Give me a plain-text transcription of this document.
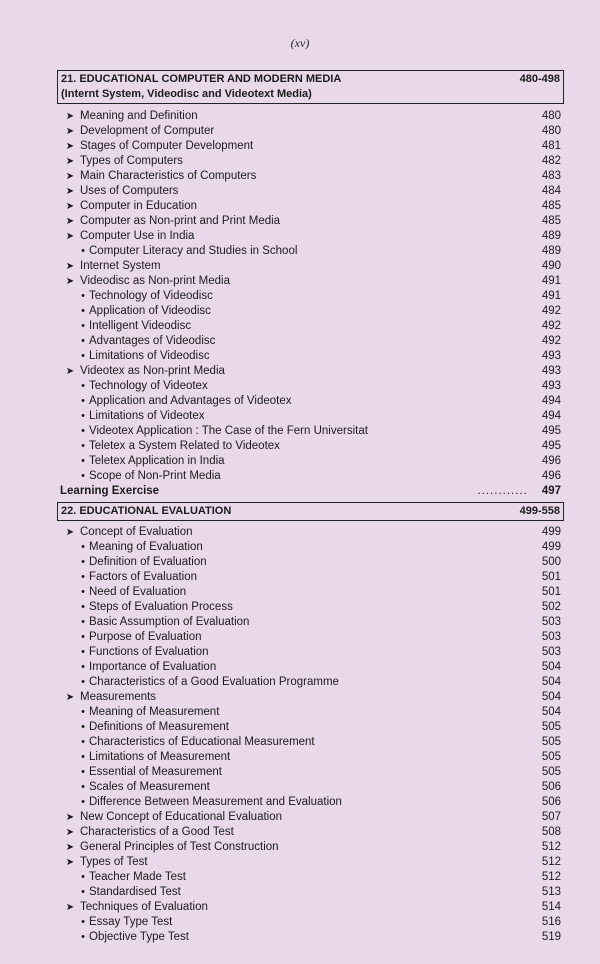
(xv)
21. EDUCATIONAL COMPUTER AND MODERN MEDIA
(Internt System, Videodisc and Videotext Media)
480-498
➤ Meaning and Definition	480
➤ Development of Computer	480
➤ Stages of Computer Development	481
➤ Types of Computers	482
➤ Main Characteristics of Computers	483
➤ Uses of Computers	484
➤ Computer in Education	485
➤ Computer as Non-print and Print Media	485
➤ Computer Use in India	489
• Computer Literacy and Studies in School	489
➤ Internet System	490
➤ Videodisc as Non-print Media	491
• Technology of Videodisc	491
• Application of Videodisc	492
• Intelligent Videodisc	492
• Advantages of Videodisc	492
• Limitations of Videodisc	493
➤ Videotex as Non-print Media	493
• Technology of Videotex	493
• Application and Advantages of Videotex	494
• Limitations of Videotex	494
• Videotex Application : The Case of the Fern Universitat	495
• Teletex a System Related to Videotex	495
• Teletex Application in India	496
• Scope of Non-Print Media	496
Learning Exercise	............ 497
22. EDUCATIONAL EVALUATION	499-558
➤ Concept of Evaluation	499
• Meaning of Evaluation	499
• Definition of Evaluation	500
• Factors of Evaluation	501
• Need of Evaluation	501
• Steps of Evaluation Process	502
• Basic Assumption of Evaluation	503
• Purpose of Evaluation	503
• Functions of Evaluation	503
• Importance of Evaluation	504
• Characteristics of a Good Evaluation Programme	504
➤ Measurements	504
• Meaning of Measurement	504
• Definitions of Measurement	505
• Characteristics of Educational Measurement	505
• Limitations of Measurement	505
• Essential of Measurement	505
• Scales of Measurement	506
• Difference Between Measurement and Evaluation	506
➤ New Concept of Educational Evaluation	507
➤ Characteristics of a Good Test	508
➤ General Principles of Test Construction	512
➤ Types of Test	512
• Teacher Made Test	512
• Standardised Test	513
➤ Techniques of Evaluation	514
• Essay Type Test	516
• Objective Type Test	519
